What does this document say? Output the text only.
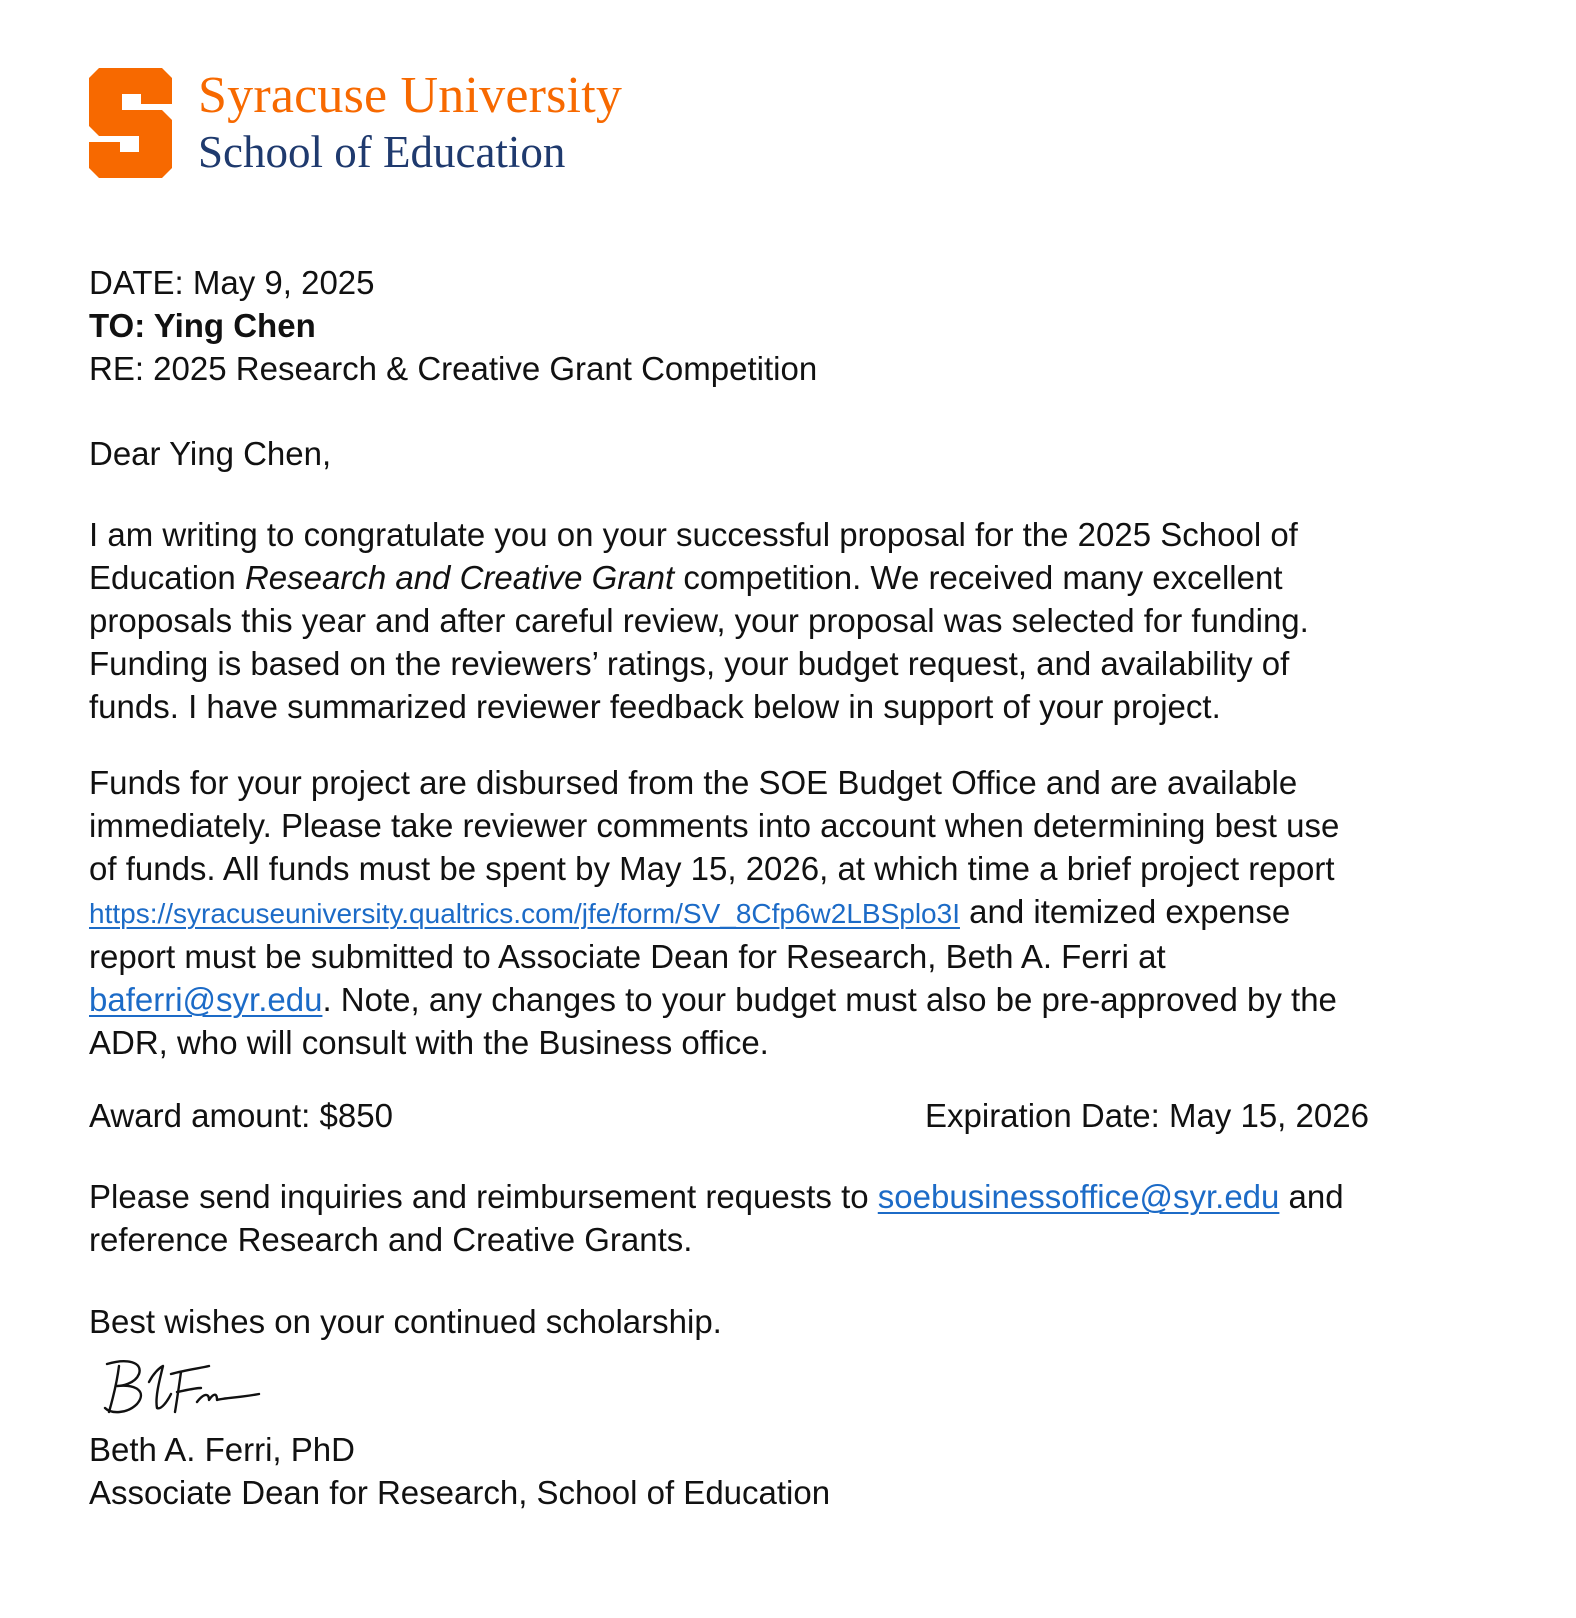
Syracuse University
School of Education
DATE: May 9, 2025
TO: Ying Chen
RE: 2025 Research & Creative Grant Competition
Dear Ying Chen,
I am writing to congratulate you on your successful proposal for the 2025 School of
Education Research and Creative Grant competition. We received many excellent
proposals this year and after careful review, your proposal was selected for funding.
Funding is based on the reviewers’ ratings, your budget request, and availability of
funds. I have summarized reviewer feedback below in support of your project.
Funds for your project are disbursed from the SOE Budget Office and are available
immediately. Please take reviewer comments into account when determining best use
of funds. All funds must be spent by May 15, 2026, at which time a brief project report
https://syracuseuniversity.qualtrics.com/jfe/form/SV_8Cfp6w2LBSplo3I and itemized expense
report must be submitted to Associate Dean for Research, Beth A. Ferri at
baferri@syr.edu. Note, any changes to your budget must also be pre-approved by the
ADR, who will consult with the Business office.
Award amount: $850	Expiration Date: May 15, 2026
Please send inquiries and reimbursement requests to soebusinessoffice@syr.edu and
reference Research and Creative Grants.
Best wishes on your continued scholarship.
Beth A. Ferri, PhD
Associate Dean for Research, School of Education
